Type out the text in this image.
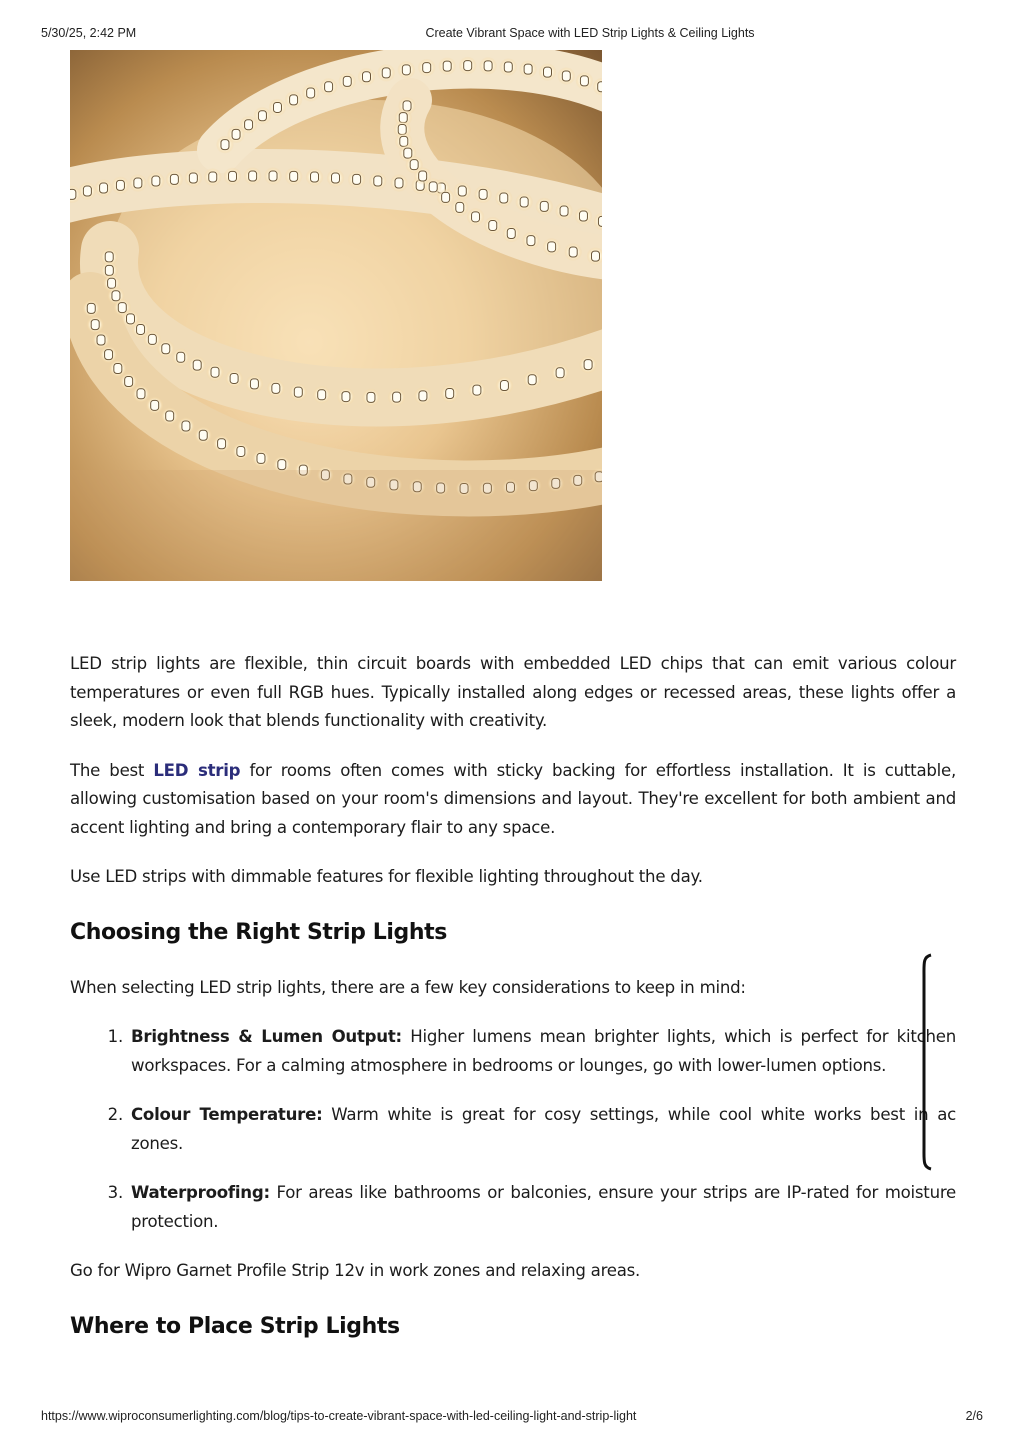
5/30/25, 2:42 PM	Create Vibrant Space with LED Strip Lights & Ceiling Lights

LED strip lights are flexible, thin circuit boards with embedded LED chips that can emit various colour temperatures or even full RGB hues. Typically installed along edges or recessed areas, these lights offer a sleek, modern look that blends functionality with creativity.

The best LED strip for rooms often comes with sticky backing for effortless installation. It is cuttable, allowing customisation based on your room's dimensions and layout. They're excellent for both ambient and accent lighting and bring a contemporary flair to any space.

Use LED strips with dimmable features for flexible lighting throughout the day.

Choosing the Right Strip Lights

When selecting LED strip lights, there are a few key considerations to keep in mind:

1. Brightness & Lumen Output: Higher lumens mean brighter lights, which is perfect for kitchen workspaces. For a calming atmosphere in bedrooms or lounges, go with lower-lumen options.
2. Colour Temperature: Warm white is great for cosy settings, while cool white works best in ac zones.
3. Waterproofing: For areas like bathrooms or balconies, ensure your strips are IP-rated for moisture protection.

Go for Wipro Garnet Profile Strip 12v in work zones and relaxing areas.

Where to Place Strip Lights
https://www.wiproconsumerlighting.com/blog/tips-to-create-vibrant-space-with-led-ceiling-light-and-strip-light	2/6
